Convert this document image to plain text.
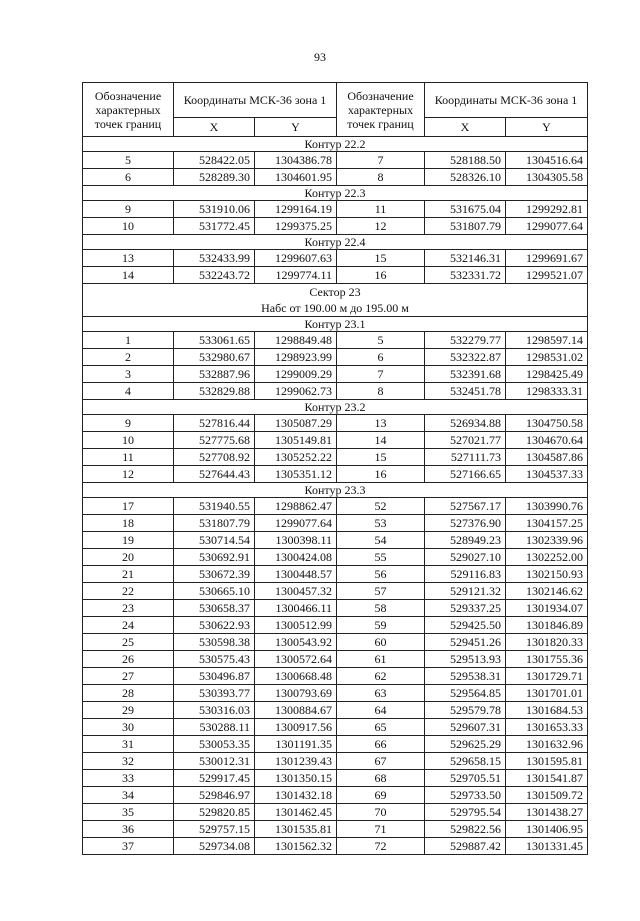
93
Обозначение характерных точек границ	Координаты МСК-36 зона 1		Обозначение характерных точек границ	Координаты МСК-36 зона 1	
	X	Y		X	Y
Контур 22.2					
5	528422.05	1304386.78	7	528188.50	1304516.64
6	528289.30	1304601.95	8	528326.10	1304305.58
Контур 22.3					
9	531910.06	1299164.19	11	531675.04	1299292.81
10	531772.45	1299375.25	12	531807.79	1299077.64
Контур 22.4					
13	532433.99	1299607.63	15	532146.31	1299691.67
14	532243.72	1299774.11	16	532331.72	1299521.07

Сектор 23
Набс от 190.00 м до 195.00 м					

Контур 23.1					
1	533061.65	1298849.48	5	532279.77	1298597.14
2	532980.67	1298923.99	6	532322.87	1298531.02
3	532887.96	1299009.29	7	532391.68	1298425.49
4	532829.88	1299062.73	8	532451.78	1298333.31
Контур 23.2					
9	527816.44	1305087.29	13	526934.88	1304750.58
10	527775.68	1305149.81	14	527021.77	1304670.64
11	527708.92	1305252.22	15	527111.73	1304587.86
12	527644.43	1305351.12	16	527166.65	1304537.33
Контур 23.3					
17	531940.55	1298862.47	52	527567.17	1303990.76
18	531807.79	1299077.64	53	527376.90	1304157.25
19	530714.54	1300398.11	54	528949.23	1302339.96
20	530692.91	1300424.08	55	529027.10	1302252.00
21	530672.39	1300448.57	56	529116.83	1302150.93
22	530665.10	1300457.32	57	529121.32	1302146.62
23	530658.37	1300466.11	58	529337.25	1301934.07
24	530622.93	1300512.99	59	529425.50	1301846.89
25	530598.38	1300543.92	60	529451.26	1301820.33
26	530575.43	1300572.64	61	529513.93	1301755.36
27	530496.87	1300668.48	62	529538.31	1301729.71
28	530393.77	1300793.69	63	529564.85	1301701.01
29	530316.03	1300884.67	64	529579.78	1301684.53
30	530288.11	1300917.56	65	529607.31	1301653.33
31	530053.35	1301191.35	66	529625.29	1301632.96
32	530012.31	1301239.43	67	529658.15	1301595.81
33	529917.45	1301350.15	68	529705.51	1301541.87
34	529846.97	1301432.18	69	529733.50	1301509.72
35	529820.85	1301462.45	70	529795.54	1301438.27
36	529757.15	1301535.81	71	529822.56	1301406.95
37	529734.08	1301562.32	72	529887.42	1301331.45
